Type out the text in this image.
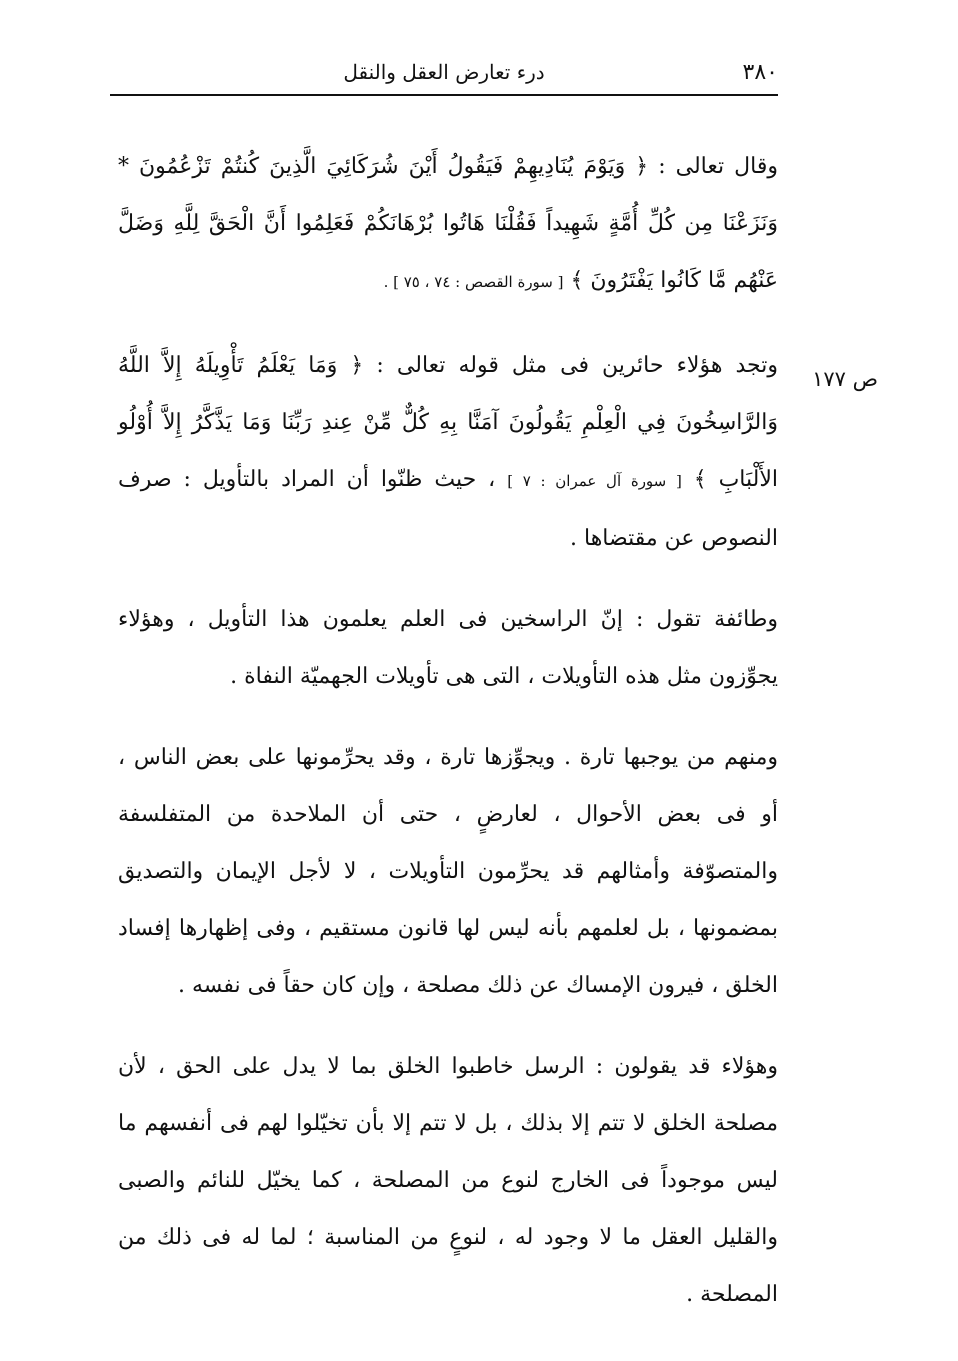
٣٨٠
درء تعارض العقل والنقل
ص ١٧٧

وقال تعالى : ﴿ وَيَوْمَ يُنَادِيهِمْ فَيَقُولُ أَيْنَ شُرَكَائِيَ الَّذِينَ كُنتُمْ تَزْعُمُونَ * وَنَزَعْنَا مِن كُلِّ أُمَّةٍ شَهِيداً فَقُلْنَا هَاتُوا بُرْهَانَكُمْ فَعَلِمُوا أَنَّ الْحَقَّ لِلَّهِ وَضَلَّ عَنْهُم مَّا كَانُوا يَفْتَرُونَ ﴾ [ سورة القصص : ٧٤ ، ٧٥ ] .

وتجد هؤلاء حائرين فى مثل قوله تعالى : ﴿ وَمَا يَعْلَمُ تَأْوِيلَهُ إِلاَّ اللَّهُ وَالرَّاسِخُونَ فِي الْعِلْمِ يَقُولُونَ آمَنَّا بِهِ كُلٌّ مِّنْ عِندِ رَبِّنَا وَمَا يَذَّكَّرُ إِلاَّ أُوْلُو الأَلْبَابِ ﴾ [ سورة آل عمران : ٧ ] ، حيث ظنّوا أن المراد بالتأويل : صرف النصوص عن مقتضاها .

وطائفة تقول : إنّ الراسخين فى العلم يعلمون هذا التأويل ، وهؤلاء يجوِّزون مثل هذه التأويلات ، التى هى تأويلات الجهميّة النفاة .

ومنهم من يوجبها تارة . ويجوِّزها تارة ، وقد يحرِّمونها على بعض الناس ، أو فى بعض الأحوال ، لعارضٍ ، حتى أن الملاحدة من المتفلسفة والمتصوّفة وأمثالهم قد يحرِّمون التأويلات ، لا لأجل الإيمان والتصديق بمضمونها ، بل لعلمهم بأنه ليس لها قانون مستقيم ، وفى إظهارها إفساد الخلق ، فيرون الإمساك عن ذلك مصلحة ، وإن كان حقاً فى نفسه .

وهؤلاء قد يقولون : الرسل خاطبوا الخلق بما لا يدل على الحق ، لأن مصلحة الخلق لا تتم إلا بذلك ، بل لا تتم إلا بأن تخيّلوا لهم فى أنفسهم ما ليس موجوداً فى الخارج لنوع من المصلحة ، كما يخيّل للنائم والصبى والقليل العقل ما لا وجود له ، لنوعٍ من المناسبة ؛ لما له فى ذلك من المصلحة .
